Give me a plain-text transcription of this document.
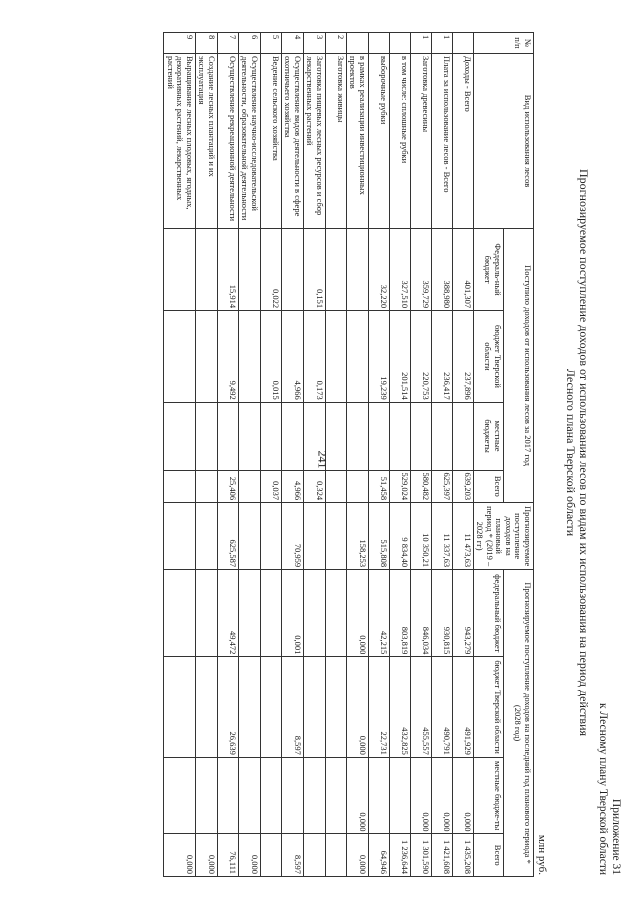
Приложение 31
к Лесному плану Тверской области
Прогнозируемое поступление доходов от использования лесов по видам их использования на период действия
Лесного плана Тверской области
млн руб.
№ п/п	Вид использования лесов	Поступило доходов от использования лесов за 2017 год				Прогнозируемое поступление доходов на плановый период * (2019 – 2028 гг)	Прогнозируемое поступление доходов на последний год планового периода * (2028 год)			
		Федераль-ный бюджет	бюджет Тверской области	местные бюджеты	Всего		федеральный бюджет	бюджет Тверской области	местные бюдже-ты	Всего
	Доходы - Всего	401,307	237,896		639,203	11 473,63	943,279	491,929	0,000	1 435,208
1	Плата за использование лесов - Всего	388,980	236,417		625,397	11 337,63	930,815	490,791	0,000	1 421,608
1	Заготовка древесины	359,729	220,753		580,482	10 350,21	846,034	455,557	0,000	1 301,590
	в том числе: сплошные рубки	327,510	201,514		529,024	9 834,40	803,819	432,825		1 236,644
	выборочные рубки	32,220	19,239		51,458	515,808	42,215	22,731		64,946
	в рамках реализации инвестиционных проектов					158,253	0,000	0,000	0,000	0,000
2	Заготовка живицы									
3	Заготовка пищевых лесных ресурсов и сбор лекарственных растений	0,151	0,173		0,324					
4	Осуществление видов деятельности в сфере охотничьего хозяйства		4,966		4,966	70,959	0,001	8,597		8,597
5	Ведение сельского хозяйства	0,022	0,015		0,037					
6	Осуществление научно-исследовательской деятельности, образовательной деятельности									0,000
7	Осуществление рекреационной деятельности	15,914	9,492		25,406	625,587	49,472	26,639		76,111
8	Создание лесных плантаций и их эксплуатация									0,000
9	Выращивание лесных плодовых, ягодных, декоративных растений, лекарственных растений									0,000
241
